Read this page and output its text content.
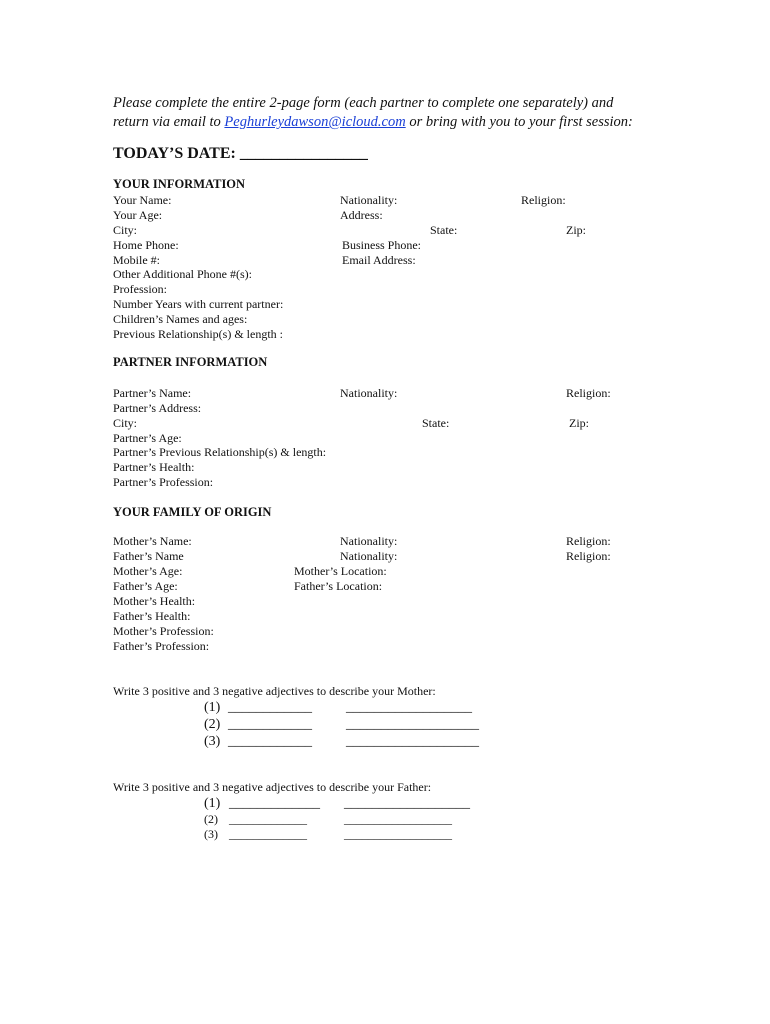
Please complete the entire 2-page form (each partner to complete one separately) and
return via email to Peghurleydawson@icloud.com or bring with you to your first session:
TODAY’S DATE: ________________
YOUR INFORMATION
Your Name:	Nationality:	Religion:
Your Age:	Address:
City:	State:	Zip:
Home Phone:	Business Phone:
Mobile #:	Email Address:
Other Additional Phone #(s):
Profession:
Number Years with current partner:
Children’s Names and ages:
Previous Relationship(s) & length :
PARTNER INFORMATION
Partner’s Name:	Nationality:	Religion:
Partner’s Address:
City:	State:	Zip:
Partner’s Age:
Partner’s Previous Relationship(s) & length:
Partner’s Health:
Partner’s Profession:
YOUR FAMILY OF ORIGIN
Mother’s Name:	Nationality:	Religion:
Father’s Name	Nationality:	Religion:
Mother’s Age:	Mother’s Location:
Father’s Age:	Father’s Location:
Mother’s Health:
Father’s Health:
Mother’s Profession:
Father’s Profession:
Write 3 positive and 3 negative adjectives to describe your Mother:
(1) ____________ __________________
(2) ____________ ___________________
(3) ____________ ___________________
Write 3 positive and 3 negative adjectives to describe your Father:
(1) _____________ __________________
(2) _____________	__________________
(3) _____________	__________________
